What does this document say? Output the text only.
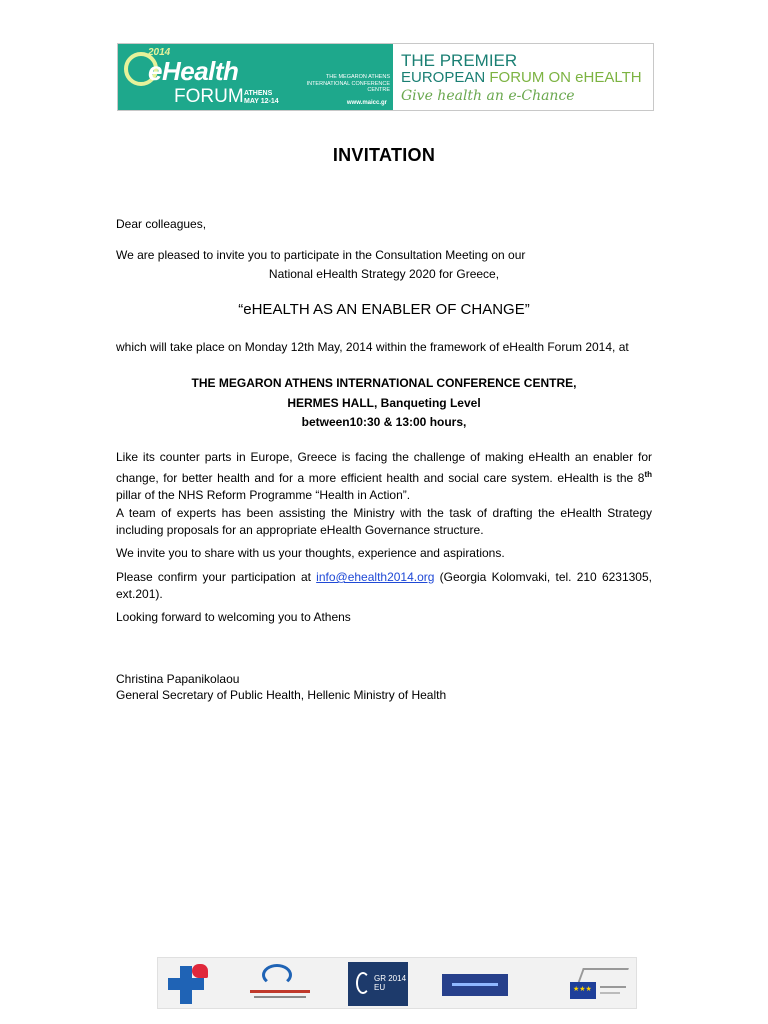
2014
eHealth
FORUM ATHENS MAY 12-14
THE MEGARON ATHENS INTERNATIONAL CONFERENCE CENTRE
www.maicc.gr
THE PREMIER
EUROPEAN FORUM ON eHEALTH
Give health an e-Chance
INVITATION
Dear colleagues,
We are pleased to invite you to participate in the Consultation Meeting on our
National eHealth Strategy 2020 for Greece,
“eHEALTH AS AN ENABLER OF CHANGE”
which will take place on Monday 12th May, 2014 within the framework of eHealth Forum 2014, at
THE MEGARON ATHENS INTERNATIONAL CONFERENCE CENTRE,
HERMES HALL, Banqueting Level
between10:30 & 13:00 hours,
Like its counter parts in Europe, Greece is facing the challenge of making eHealth an enabler for change, for better health and for a more efficient health and social care system. eHealth is the 8th pillar of the NHS Reform Programme “Health in Action”.
A team of experts has been assisting the Ministry with the task of drafting the eHealth Strategy including proposals for an appropriate eHealth Governance structure.
We invite you to share with us your thoughts, experience and aspirations.
Please confirm your participation at info@ehealth2014.org (Georgia Kolomvaki, tel. 210 6231305, ext.201).
Looking forward to welcoming you to Athens
Christina Papanikolaou
General Secretary of Public Health, Hellenic Ministry of Health
GR 2014 EU
★★★
